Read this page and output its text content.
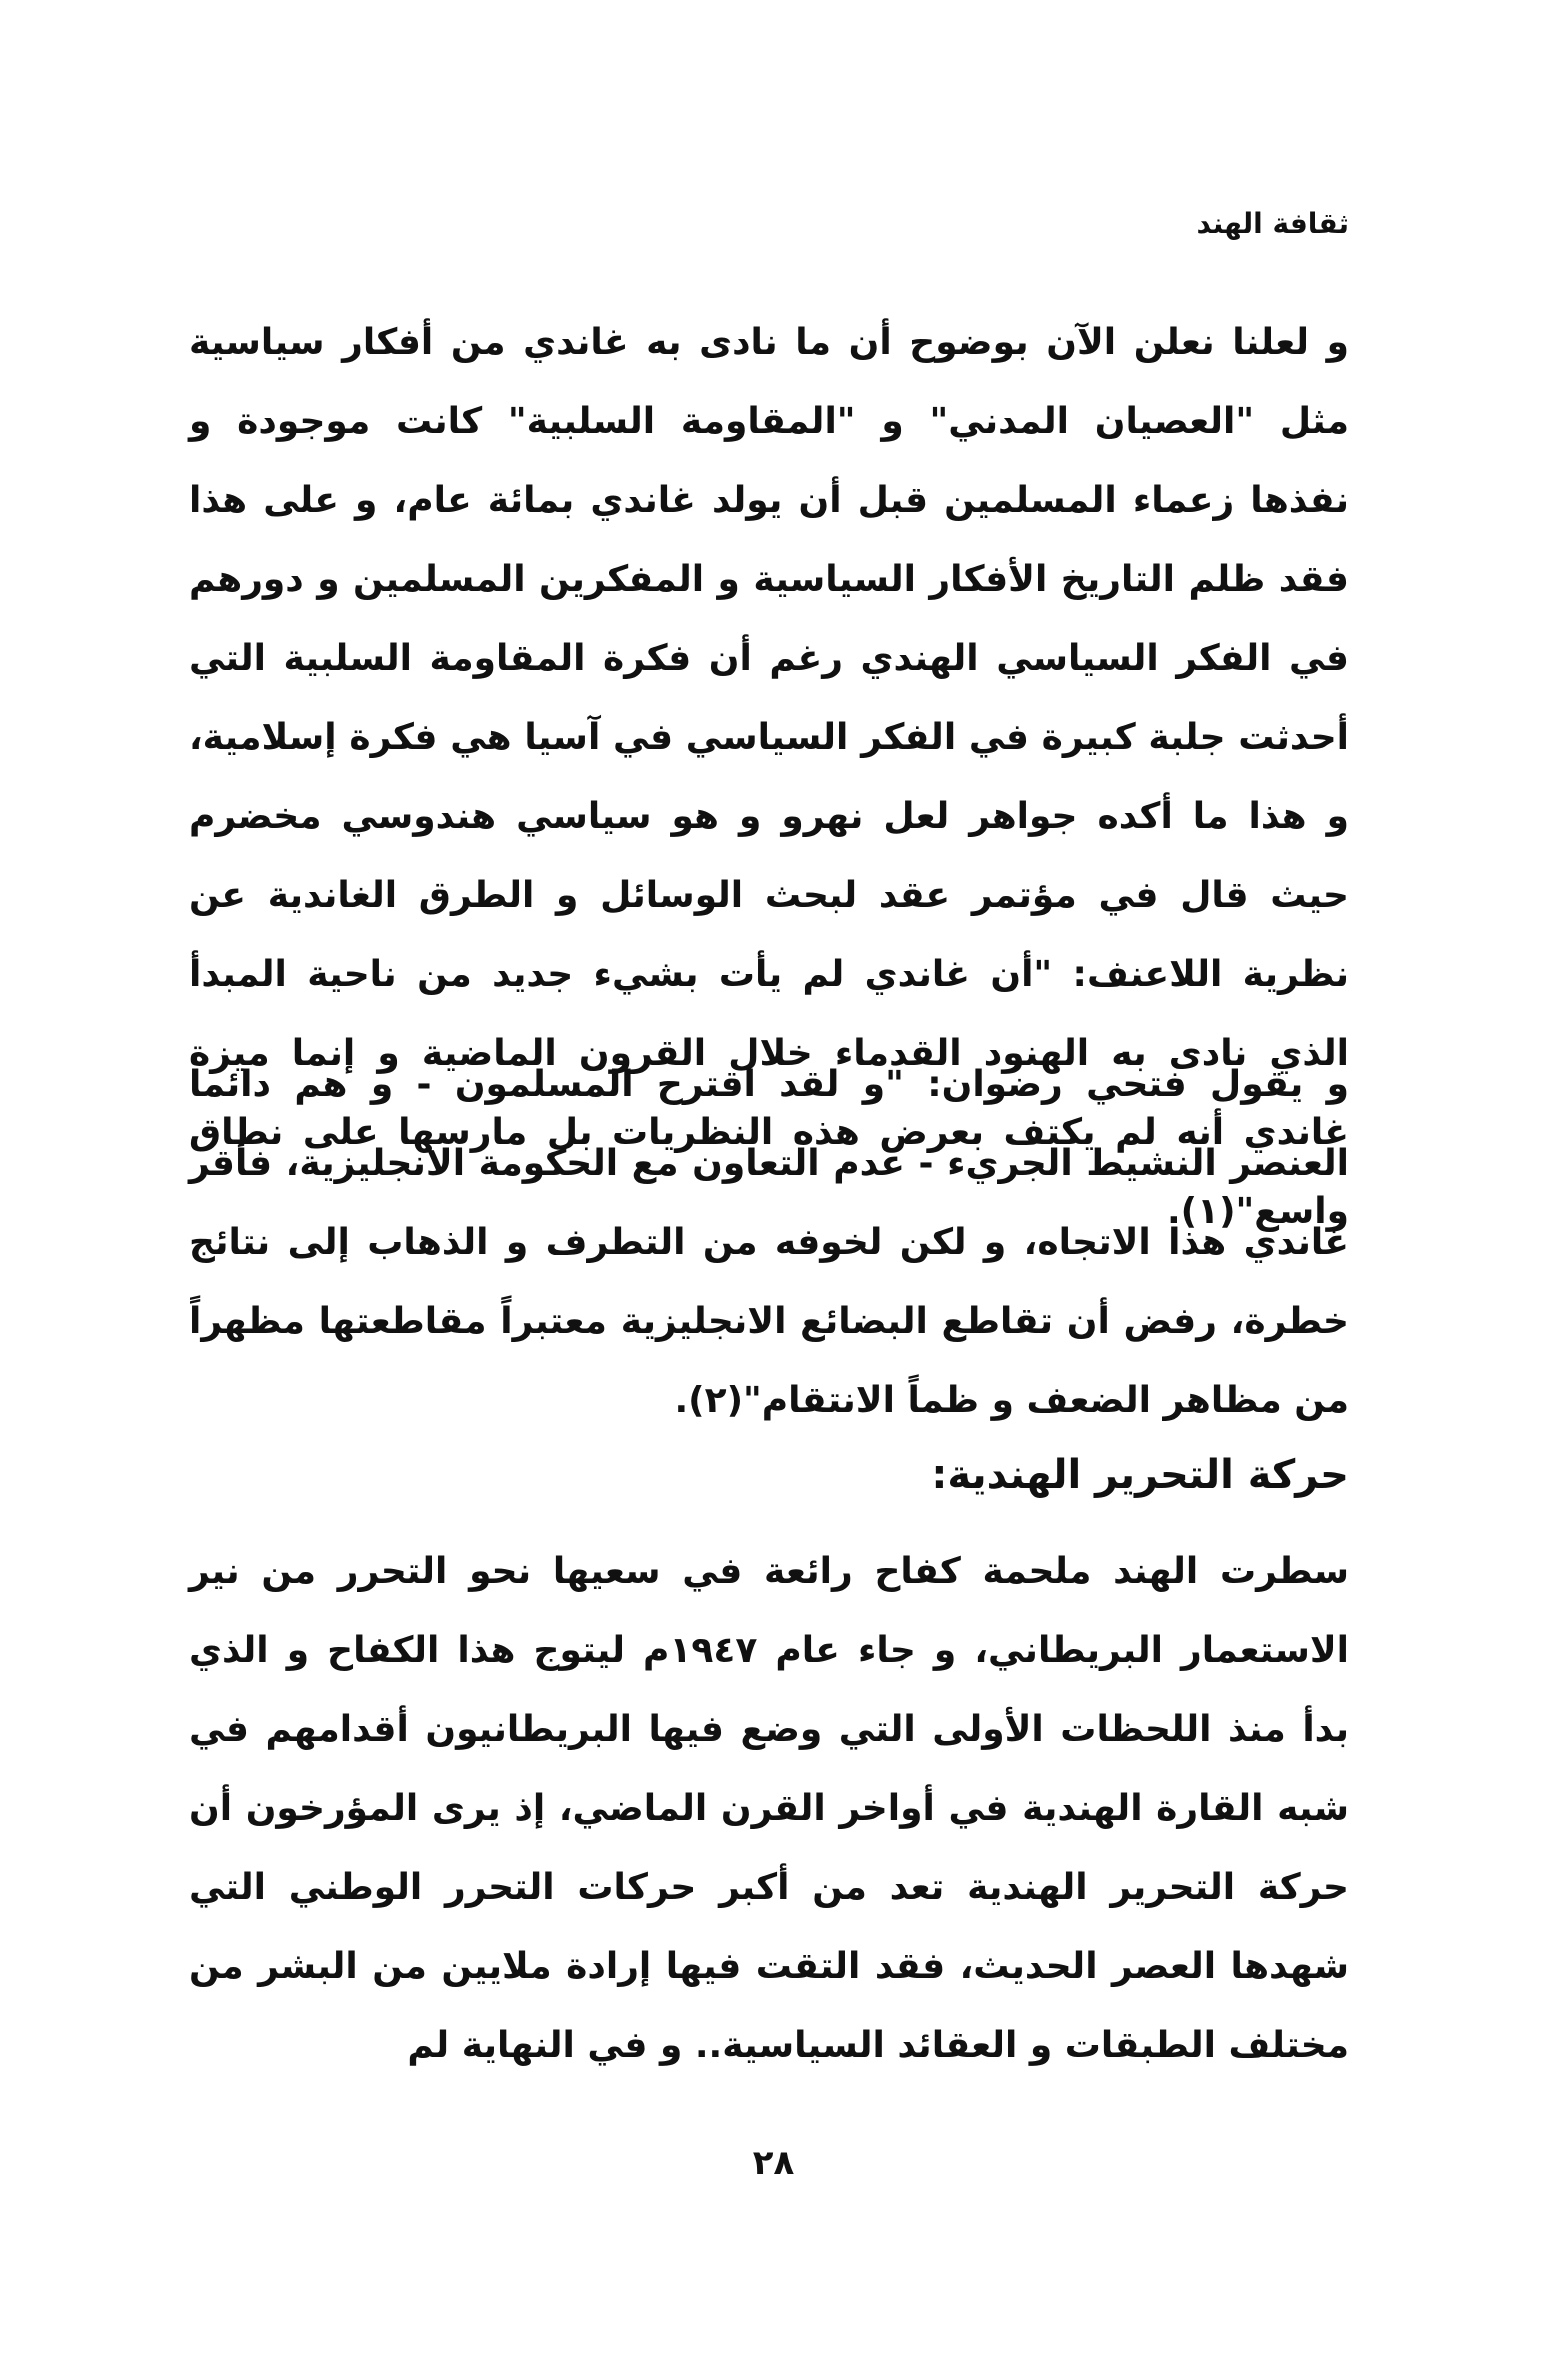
ثقافة الهند

و لعلنا نعلن الآن بوضوح أن ما نادى به غاندي من أفكار سياسية مثل "العصيان المدني" و "المقاومة السلبية" كانت موجودة و نفذها زعماء المسلمين قبل أن يولد غاندي بمائة عام، و على هذا فقد ظلم التاريخ الأفكار السياسية و المفكرين المسلمين و دورهم في الفكر السياسي الهندي رغم أن فكرة المقاومة السلبية التي أحدثت جلبة كبيرة في الفكر السياسي في آسيا هي فكرة إسلامية، و هذا ما أكده جواهر لعل نهرو و هو سياسي هندوسي مخضرم حيث قال في مؤتمر عقد لبحث الوسائل و الطرق الغاندية عن نظرية اللاعنف: "أن غاندي لم يأت بشيء جديد من ناحية المبدأ الذي نادى به الهنود القدماء خلال القرون الماضية و إنما ميزة غاندي أنه لم يكتف بعرض هذه النظريات بل مارسها على نطاق واسع"(١).

و يقول فتحي رضوان: "و لقد اقترح المسلمون - و هم دائما العنصر النشيط الجريء - عدم التعاون مع الحكومة الانجليزية، فأقر غاندي هذا الاتجاه، و لكن لخوفه من التطرف و الذهاب إلى نتائج خطرة، رفض أن تقاطع البضائع الانجليزية معتبراً مقاطعتها مظهراً من مظاهر الضعف و ظماً الانتقام"(٢).

حركة التحرير الهندية:

سطرت الهند ملحمة كفاح رائعة في سعيها نحو التحرر من نير الاستعمار البريطاني، و جاء عام ١٩٤٧م ليتوج هذا الكفاح و الذي بدأ منذ اللحظات الأولى التي وضع فيها البريطانيون أقدامهم في شبه القارة الهندية في أواخر القرن الماضي، إذ يرى المؤرخون أن حركة التحرير الهندية تعد من أكبر حركات التحرر الوطني التي شهدها العصر الحديث، فقد التقت فيها إرادة ملايين من البشر من مختلف الطبقات و العقائد السياسية.. و في النهاية لم

٢٨
